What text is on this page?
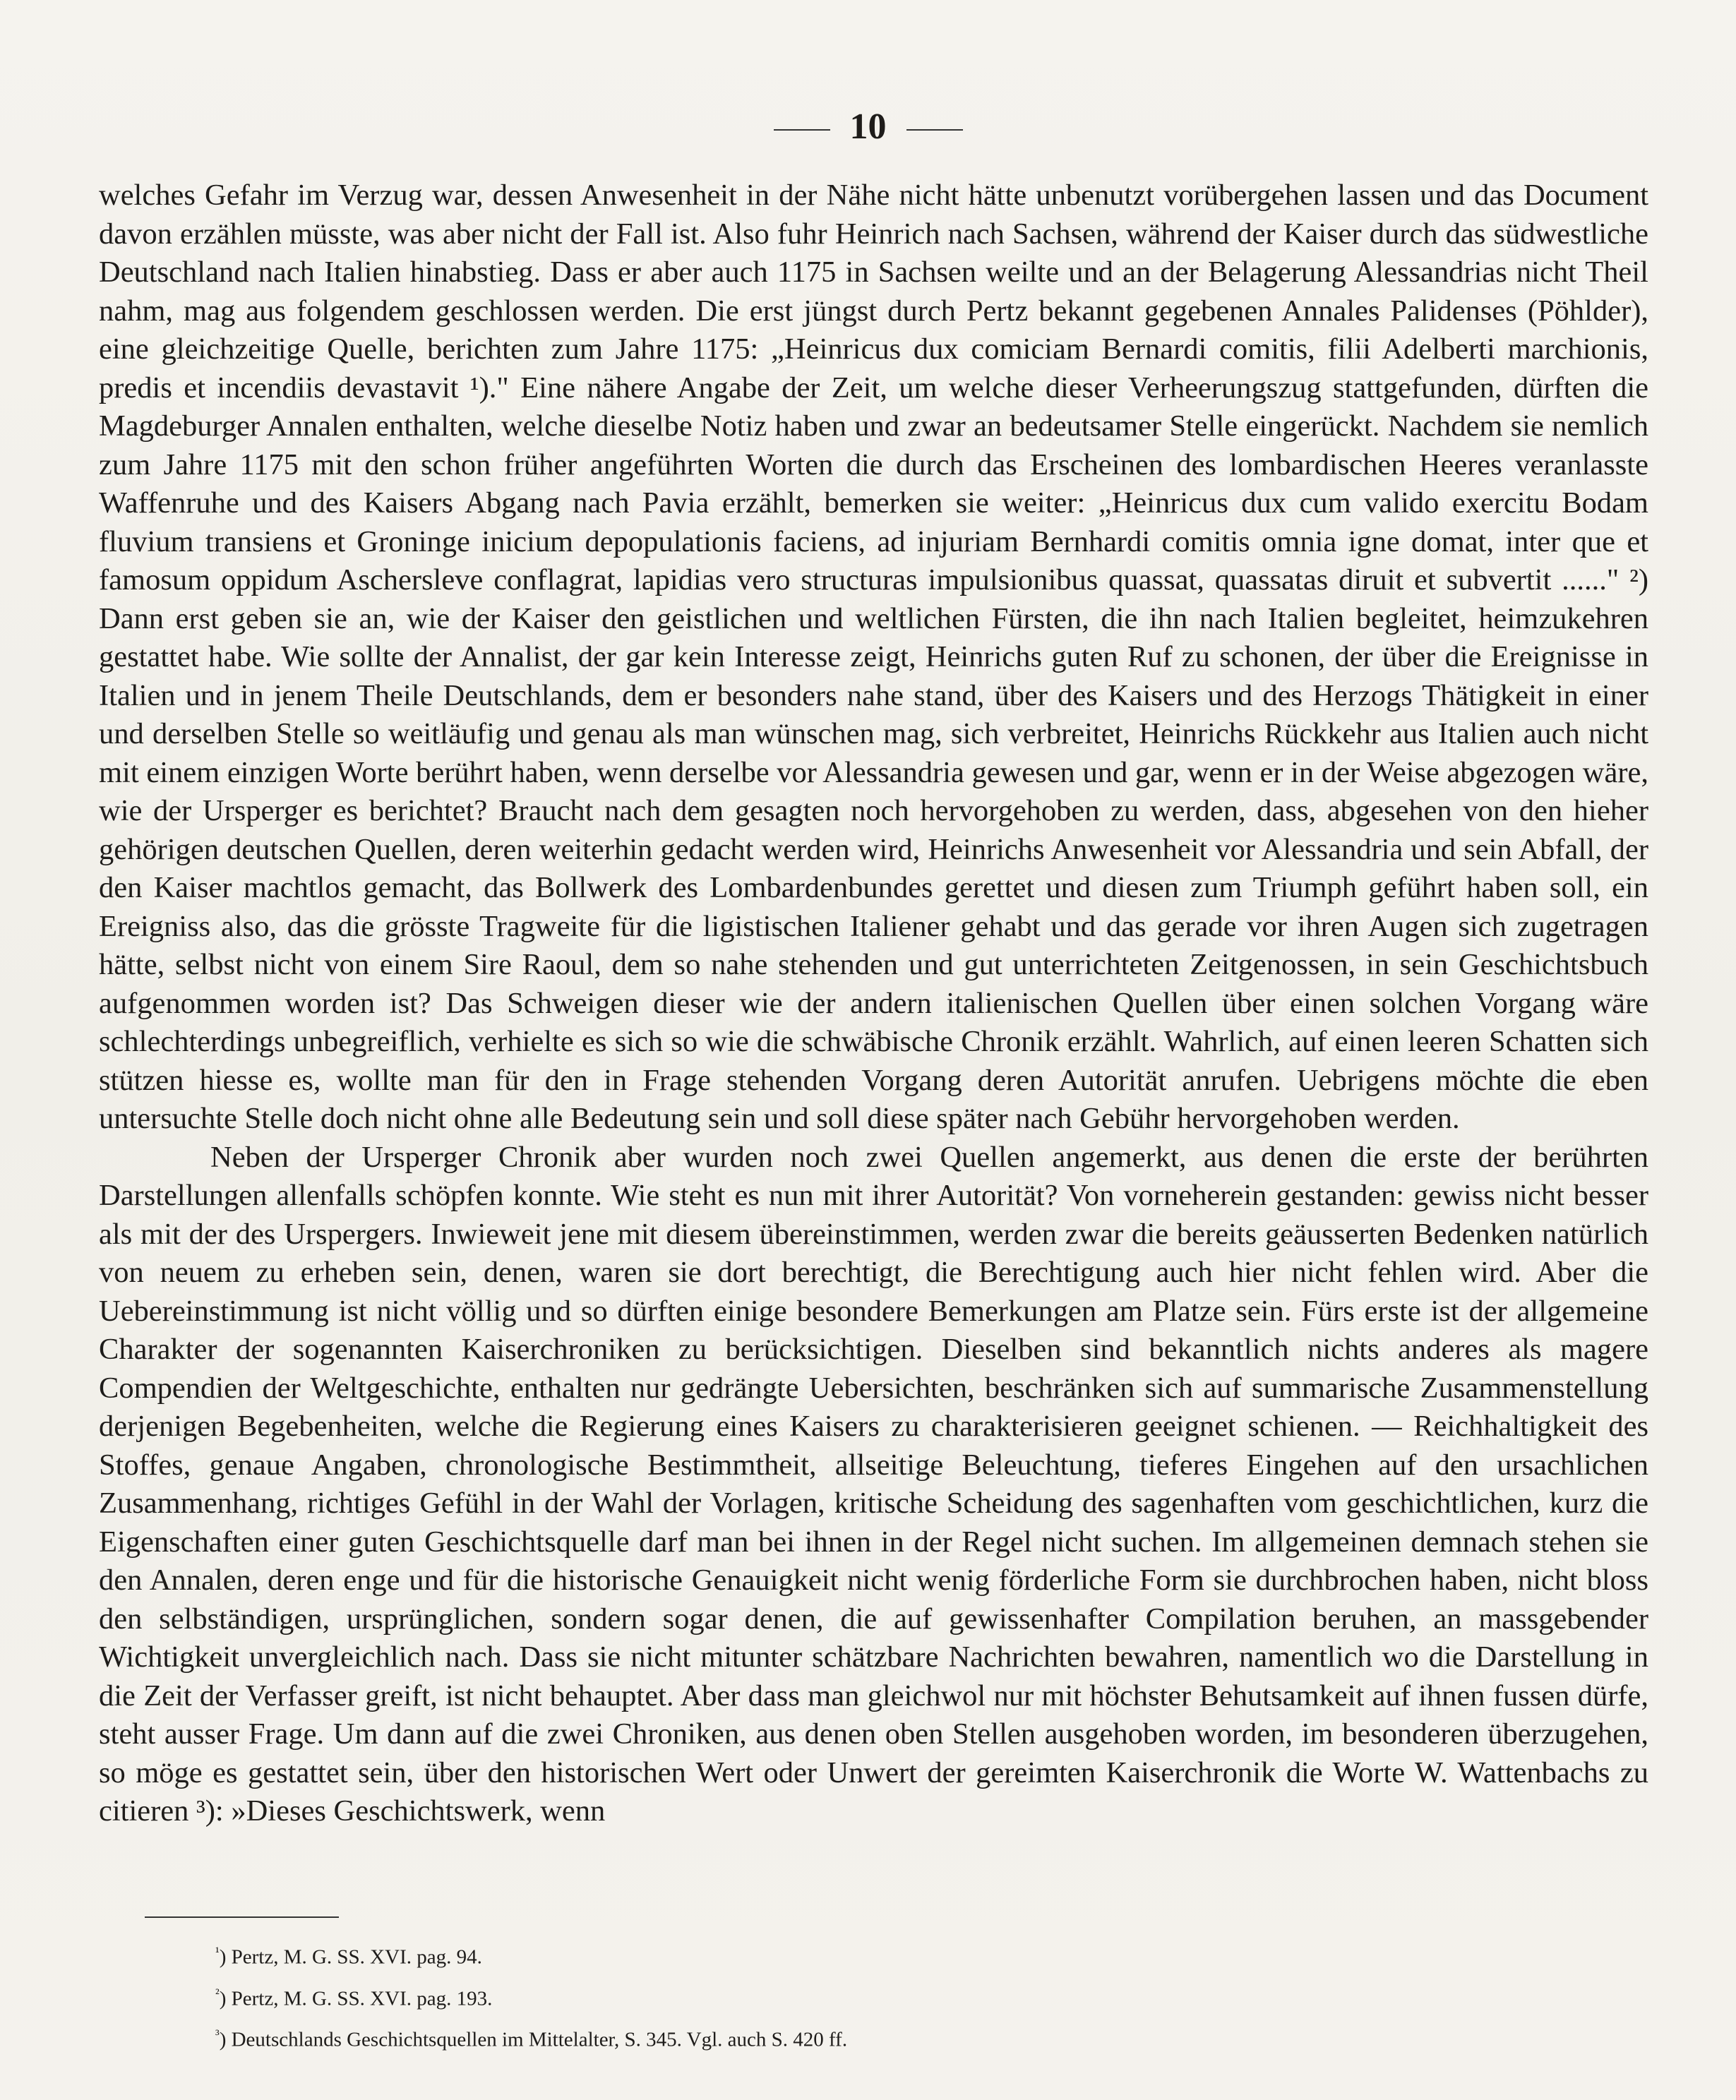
10

welches Gefahr im Verzug war, dessen Anwesenheit in der Nähe nicht hätte unbenutzt vorübergehen lassen und das Document davon erzählen müsste, was aber nicht der Fall ist. Also fuhr Heinrich nach Sachsen, während der Kaiser durch das südwestliche Deutschland nach Italien hinabstieg. Dass er aber auch 1175 in Sachsen weilte und an der Belagerung Alessandrias nicht Theil nahm, mag aus folgendem geschlossen werden. Die erst jüngst durch Pertz bekannt gegebenen Annales Palidenses (Pöhlder), eine gleichzeitige Quelle, berichten zum Jahre 1175: „Heinricus dux comiciam Bernardi comitis, filii Adelberti marchionis, predis et incendiis devastavit ¹)." Eine nähere Angabe der Zeit, um welche dieser Verheerungszug stattgefunden, dürften die Magdeburger Annalen enthalten, welche dieselbe Notiz haben und zwar an bedeutsamer Stelle eingerückt. Nachdem sie nemlich zum Jahre 1175 mit den schon früher angeführten Worten die durch das Erscheinen des lombardischen Heeres veranlasste Waffenruhe und des Kaisers Abgang nach Pavia erzählt, bemerken sie weiter: „Heinricus dux cum valido exercitu Bodam fluvium transiens et Groninge inicium depopulationis faciens, ad injuriam Bernhardi comitis omnia igne domat, inter que et famosum oppidum Aschersleve conflagrat, lapidias vero structuras impulsionibus quassat, quassatas diruit et subvertit ......" ²) Dann erst geben sie an, wie der Kaiser den geistlichen und weltlichen Fürsten, die ihn nach Italien begleitet, heimzukehren gestattet habe. Wie sollte der Annalist, der gar kein Interesse zeigt, Heinrichs guten Ruf zu schonen, der über die Ereignisse in Italien und in jenem Theile Deutschlands, dem er besonders nahe stand, über des Kaisers und des Herzogs Thätigkeit in einer und derselben Stelle so weitläufig und genau als man wünschen mag, sich verbreitet, Heinrichs Rückkehr aus Italien auch nicht mit einem einzigen Worte berührt haben, wenn derselbe vor Alessandria gewesen und gar, wenn er in der Weise abgezogen wäre, wie der Ursperger es berichtet? Braucht nach dem gesagten noch hervorgehoben zu werden, dass, abgesehen von den hieher gehörigen deutschen Quellen, deren weiterhin gedacht werden wird, Heinrichs Anwesenheit vor Alessandria und sein Abfall, der den Kaiser machtlos gemacht, das Bollwerk des Lombardenbundes gerettet und diesen zum Triumph geführt haben soll, ein Ereigniss also, das die grösste Tragweite für die ligistischen Italiener gehabt und das gerade vor ihren Augen sich zugetragen hätte, selbst nicht von einem Sire Raoul, dem so nahe stehenden und gut unterrichteten Zeitgenossen, in sein Geschichtsbuch aufgenommen worden ist? Das Schweigen dieser wie der andern italienischen Quellen über einen solchen Vorgang wäre schlechterdings unbegreiflich, verhielte es sich so wie die schwäbische Chronik erzählt. Wahrlich, auf einen leeren Schatten sich stützen hiesse es, wollte man für den in Frage stehenden Vorgang deren Autorität anrufen. Uebrigens möchte die eben untersuchte Stelle doch nicht ohne alle Bedeutung sein und soll diese später nach Gebühr hervorgehoben werden.

Neben der Ursperger Chronik aber wurden noch zwei Quellen angemerkt, aus denen die erste der berührten Darstellungen allenfalls schöpfen konnte. Wie steht es nun mit ihrer Autorität? Von vorneherein gestanden: gewiss nicht besser als mit der des Urspergers. Inwieweit jene mit diesem übereinstimmen, werden zwar die bereits geäusserten Bedenken natürlich von neuem zu erheben sein, denen, waren sie dort berechtigt, die Berechtigung auch hier nicht fehlen wird. Aber die Uebereinstimmung ist nicht völlig und so dürften einige besondere Bemerkungen am Platze sein. Fürs erste ist der allgemeine Charakter der sogenannten Kaiserchroniken zu berücksichtigen. Dieselben sind bekanntlich nichts anderes als magere Compendien der Weltgeschichte, enthalten nur gedrängte Uebersichten, beschränken sich auf summarische Zusammenstellung derjenigen Begebenheiten, welche die Regierung eines Kaisers zu charakterisieren geeignet schienen. — Reichhaltigkeit des Stoffes, genaue Angaben, chronologische Bestimmtheit, allseitige Beleuchtung, tieferes Eingehen auf den ursachlichen Zusammenhang, richtiges Gefühl in der Wahl der Vorlagen, kritische Scheidung des sagenhaften vom geschichtlichen, kurz die Eigenschaften einer guten Geschichtsquelle darf man bei ihnen in der Regel nicht suchen. Im allgemeinen demnach stehen sie den Annalen, deren enge und für die historische Genauigkeit nicht wenig förderliche Form sie durchbrochen haben, nicht bloss den selbständigen, ursprünglichen, sondern sogar denen, die auf gewissenhafter Compilation beruhen, an massgebender Wichtigkeit unvergleichlich nach. Dass sie nicht mitunter schätzbare Nachrichten bewahren, namentlich wo die Darstellung in die Zeit der Verfasser greift, ist nicht behauptet. Aber dass man gleichwol nur mit höchster Behutsamkeit auf ihnen fussen dürfe, steht ausser Frage. Um dann auf die zwei Chroniken, aus denen oben Stellen ausgehoben worden, im besonderen überzugehen, so möge es gestattet sein, über den historischen Wert oder Unwert der gereimten Kaiserchronik die Worte W. Wattenbachs zu citieren ³): »Dieses Geschichtswerk, wenn

$^{^1}$) Pertz, M. G. SS. XVI. pag. 94.
$^{^2}$) Pertz, M. G. SS. XVI. pag. 193.
$^{^3}$) Deutschlands Geschichtsquellen im Mittelalter, S. 345. Vgl. auch S. 420 ff.
